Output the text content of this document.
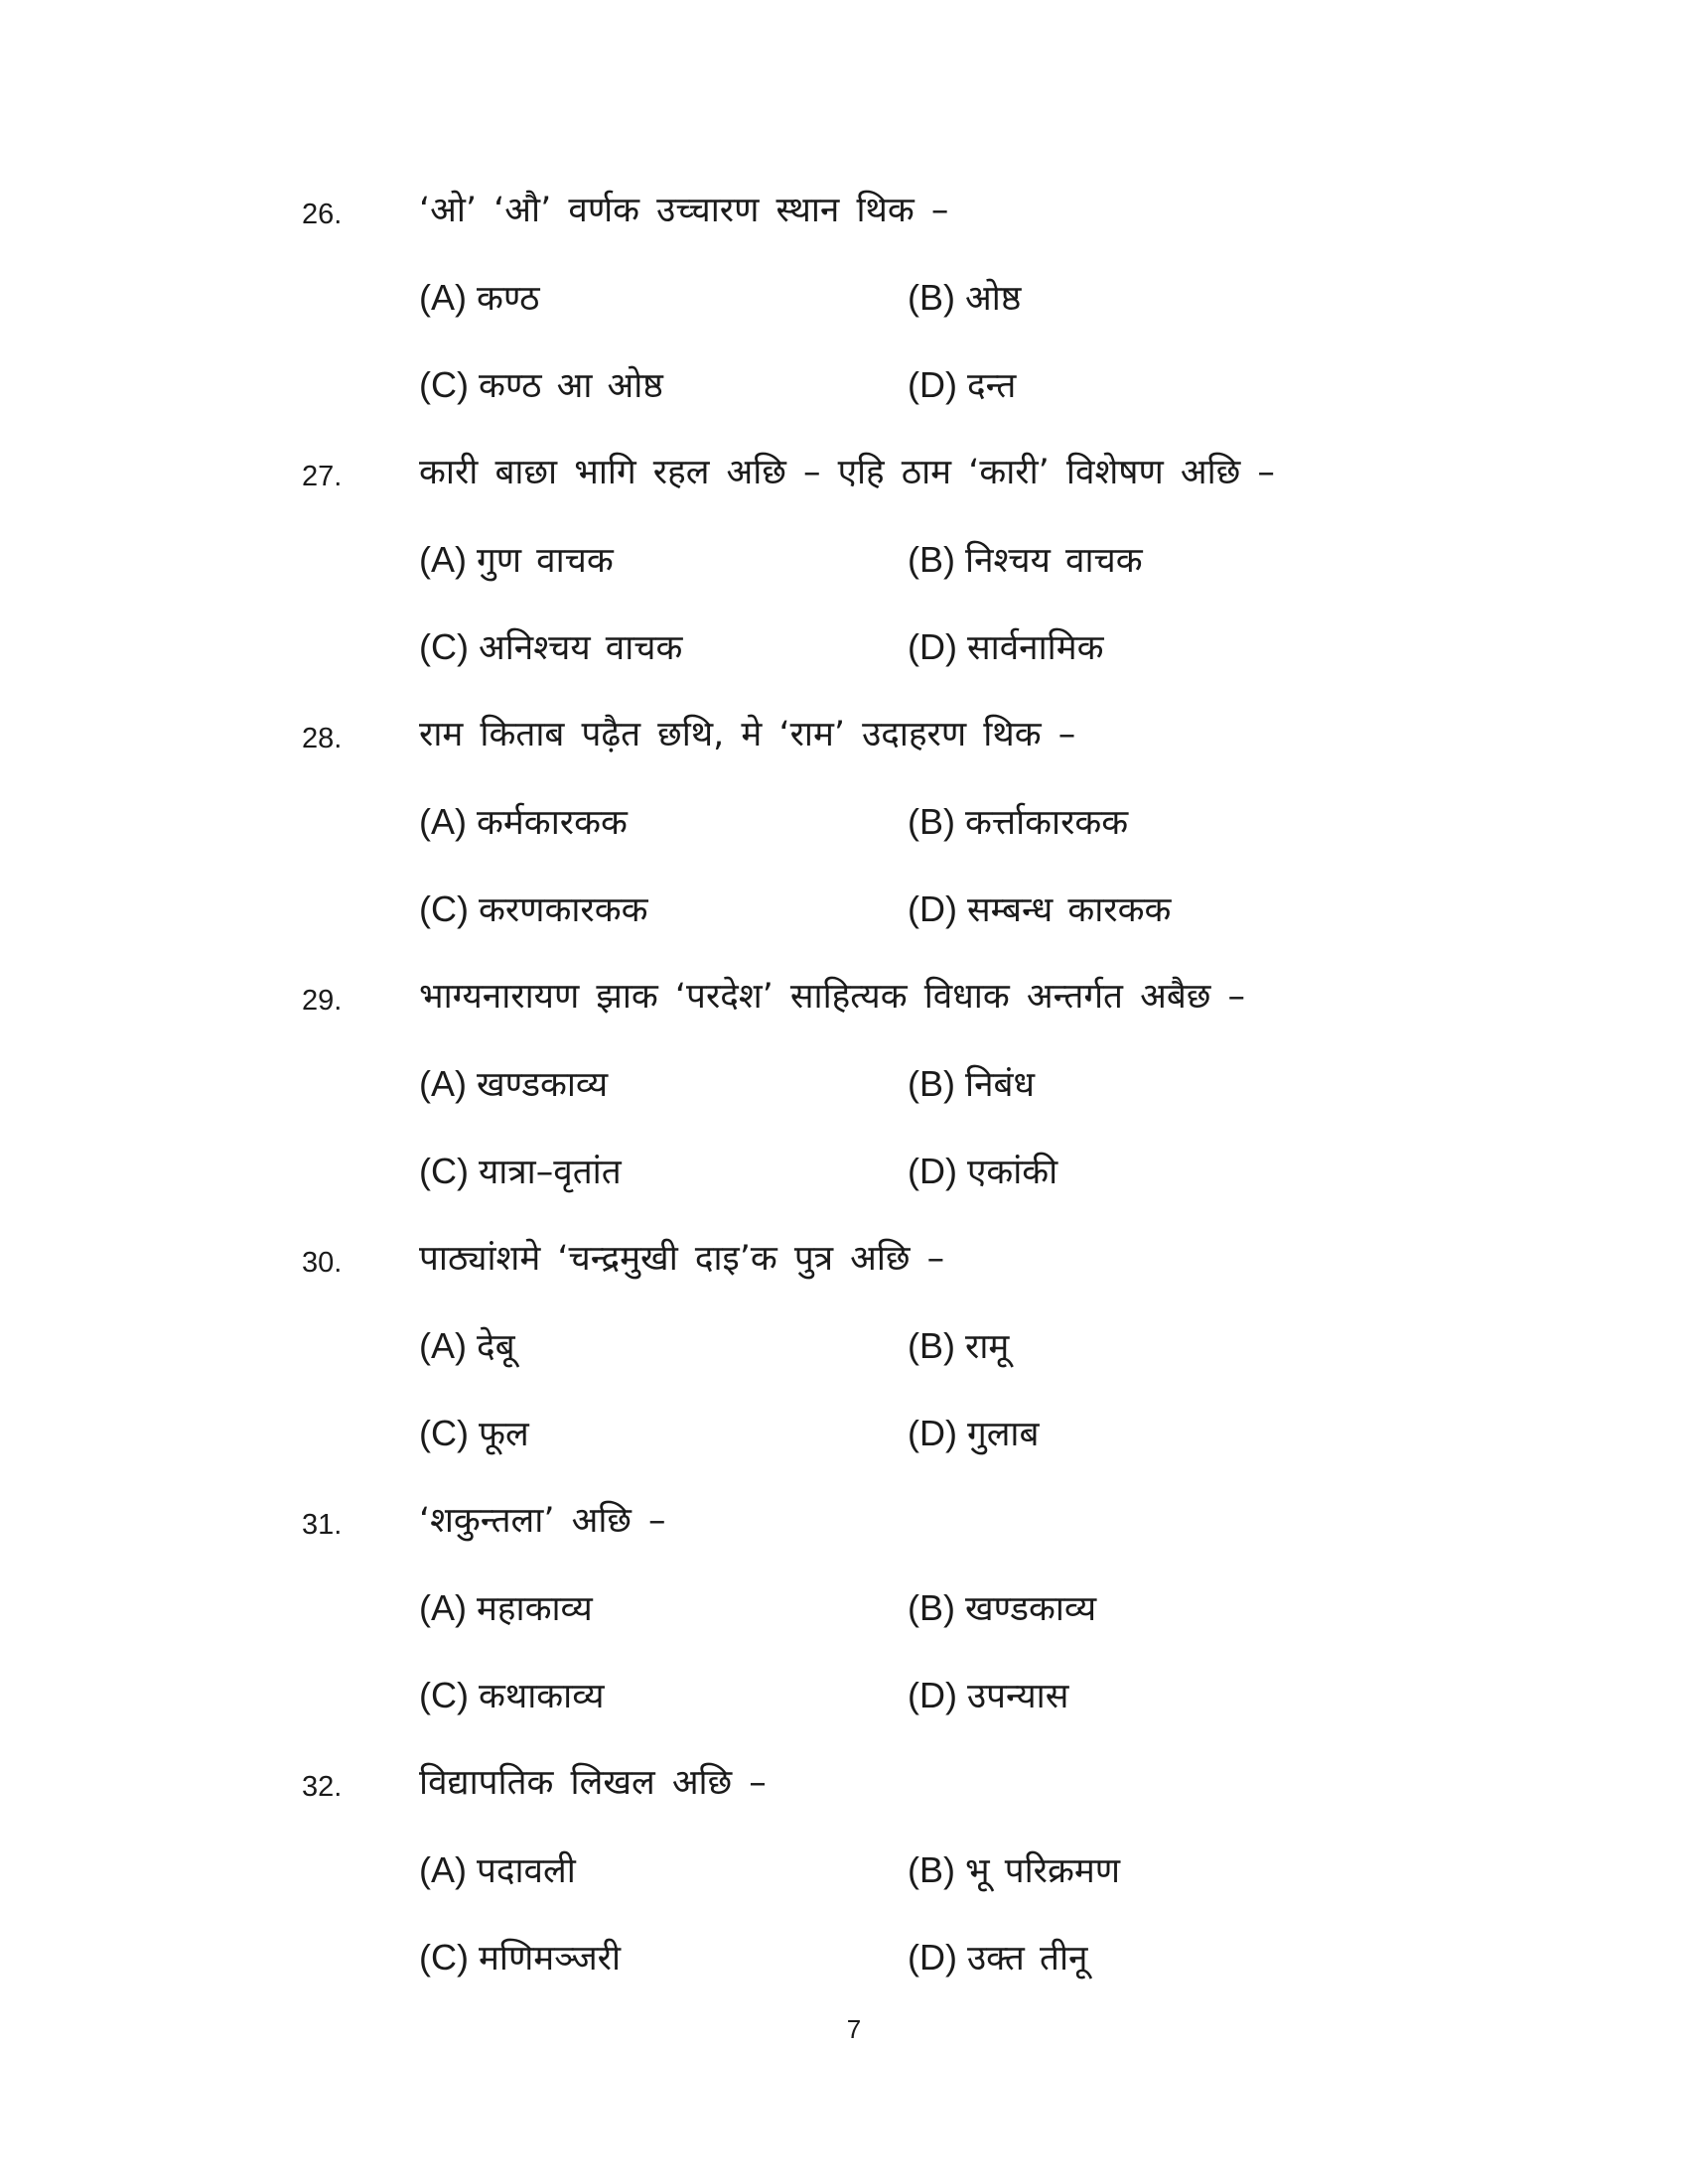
26. ‘ओ’ ‘औ’ वर्णक उच्चारण स्थान थिक –
(A) कण्ठ	(B) ओष्ठ
(C) कण्ठ आ ओष्ठ	(D) दन्त
27. कारी बाछा भागि रहल अछि – एहि ठाम ‘कारी’ विशेषण अछि –
(A) गुण वाचक	(B) निश्चय वाचक
(C) अनिश्चय वाचक	(D) सार्वनामिक
28. राम किताब पढ़ैत छथि, मे ‘राम’ उदाहरण थिक –
(A) कर्मकारकक	(B) कर्त्ताकारकक
(C) करणकारकक	(D) सम्बन्ध कारकक
29. भाग्यनारायण झाक ‘परदेश’ साहित्यक विधाक अन्तर्गत अबैछ –
(A) खण्डकाव्य	(B) निबंध
(C) यात्रा–वृतांत	(D) एकांकी
30. पाठ्यांशमे ‘चन्द्रमुखी दाइ’क पुत्र अछि –
(A) देबू	(B) रामू
(C) फूल	(D) गुलाब
31. ‘शकुन्तला’ अछि –
(A) महाकाव्य	(B) खण्डकाव्य
(C) कथाकाव्य	(D) उपन्यास
32. विद्यापतिक लिखल अछि –
(A) पदावली	(B) भू परिक्रमण
(C) मणिमञ्जरी	(D) उक्त तीनू
7
